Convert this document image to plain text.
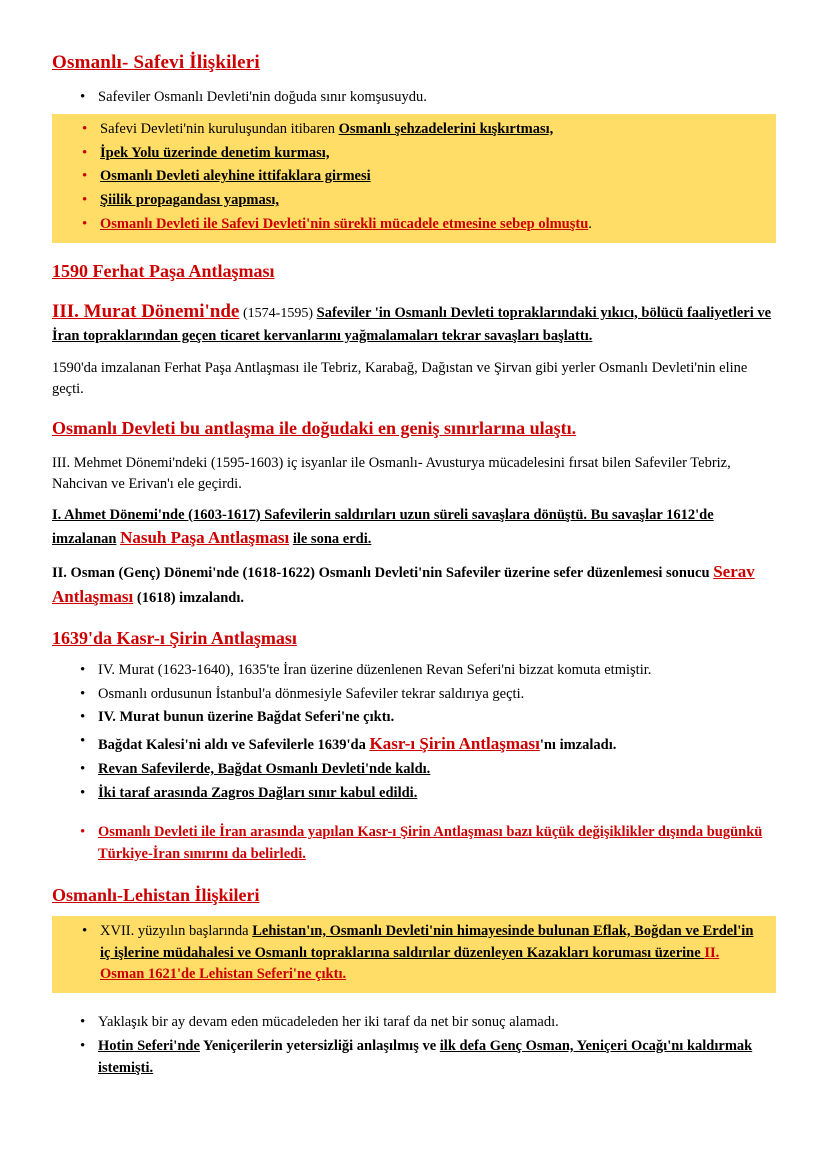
Osmanlı- Safevi İlişkileri
• Safeviler Osmanlı Devleti'nin doğuda sınır komşusuydu.
• Safevi Devleti'nin kuruluşundan itibaren Osmanlı şehzadelerini kışkırtması,
• İpek Yolu üzerinde denetim kurması,
• Osmanlı Devleti aleyhine ittifaklara girmesi
• Şiilik propagandası yapması,
• Osmanlı Devleti ile Safevi Devleti'nin sürekli mücadele etmesine sebep olmuştu.
1590 Ferhat Paşa Antlaşması
III. Murat Dönemi'nde (1574-1595) Safeviler 'in Osmanlı Devleti topraklarındaki yıkıcı, bölücü faaliyetleri ve İran topraklarından geçen ticaret kervanlarını yağmalamaları tekrar savaşları başlattı.

1590'da imzalanan Ferhat Paşa Antlaşması ile Tebriz, Karabağ, Dağıstan ve Şirvan gibi yerler Osmanlı Devleti'nin eline geçti.

Osmanlı Devleti bu antlaşma ile doğudaki en geniş sınırlarına ulaştı.

III. Mehmet Dönemi'ndeki (1595-1603) iç isyanlar ile Osmanlı- Avusturya mücadelesini fırsat bilen Safeviler Tebriz, Nahcivan ve Erivan'ı ele geçirdi.

I. Ahmet Dönemi'nde (1603-1617) Safevilerin saldırıları uzun süreli savaşlara dönüştü. Bu savaşlar 1612'de imzalanan Nasuh Paşa Antlaşması ile sona erdi.

II. Osman (Genç) Dönemi'nde (1618-1622) Osmanlı Devleti'nin Safeviler üzerine sefer düzenlemesi sonucu Serav Antlaşması (1618) imzalandı.

1639'da Kasr-ı Şirin Antlaşması
• IV. Murat (1623-1640), 1635'te İran üzerine düzenlenen Revan Seferi'ni bizzat komuta etmiştir.
• Osmanlı ordusunun İstanbul'a dönmesiyle Safeviler tekrar saldırıya geçti.
• IV. Murat bunun üzerine Bağdat Seferi'ne çıktı.
• Bağdat Kalesi'ni aldı ve Safevilerle 1639'da Kasr-ı Şirin Antlaşması'nı imzaladı.
• Revan Safevilerde, Bağdat Osmanlı Devleti'nde kaldı.
• İki taraf arasında Zagros Dağları sınır kabul edildi.
• Osmanlı Devleti ile İran arasında yapılan Kasr-ı Şirin Antlaşması bazı küçük değişiklikler dışında bugünkü Türkiye-İran sınırını da belirledi.
Osmanlı-Lehistan İlişkileri
• XVII. yüzyılın başlarında Lehistan'ın, Osmanlı Devleti'nin himayesinde bulunan Eflak, Boğdan ve Erdel'in iç işlerine müdahalesi ve Osmanlı topraklarına saldırılar düzenleyen Kazakları koruması üzerine II. Osman 1621'de Lehistan Seferi'ne çıktı.
• Yaklaşık bir ay devam eden mücadeleden her iki taraf da net bir sonuç alamadı.
• Hotin Seferi'nde Yeniçerilerin yetersizliği anlaşılmış ve ilk defa Genç Osman, Yeniçeri Ocağı'nı kaldırmak istemişti.
